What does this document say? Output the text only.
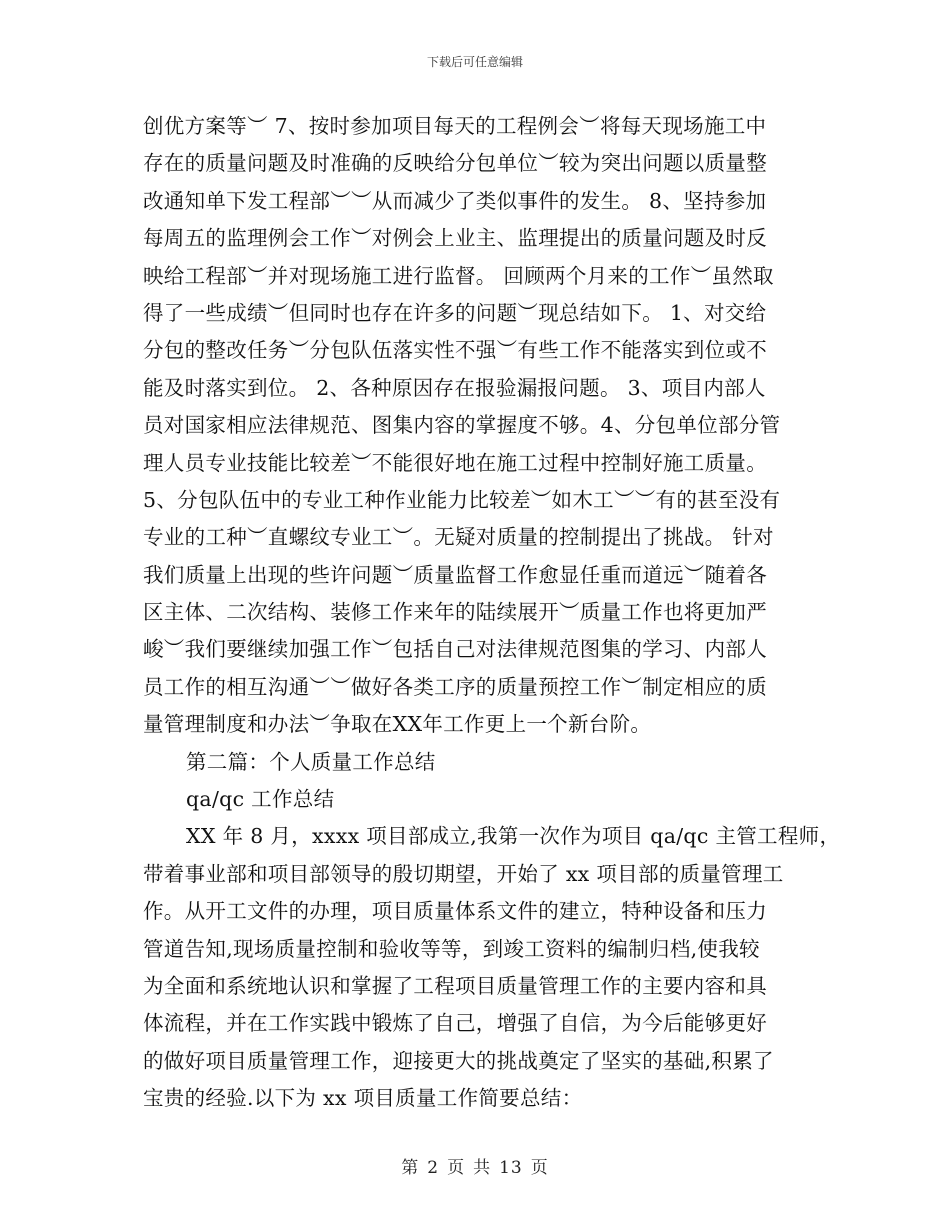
下载后可任意编辑
创优方案等︶ 7、按时参加项目每天的工程例会︶将每天现场施工中
存在的质量问题及时准确的反映给分包单位︶较为突出问题以质量整
改通知单下发工程部︶︶从而减少了类似事件的发生。 8、坚持参加
每周五的监理例会工作︶对例会上业主、监理提出的质量问题及时反
映给工程部︶并对现场施工进行监督。 回顾两个月来的工作︶虽然取
得了一些成绩︶但同时也存在许多的问题︶现总结如下。 1、对交给
分包的整改任务︶分包队伍落实性不强︶有些工作不能落实到位或不
能及时落实到位。 2、各种原因存在报验漏报问题。 3、项目内部人
员对国家相应法律规范、图集内容的掌握度不够。4、分包单位部分管
理人员专业技能比较差︶不能很好地在施工过程中控制好施工质量。
5、分包队伍中的专业工种作业能力比较差︶如木工︶︶有的甚至没有
专业的工种︶直螺纹专业工︶。无疑对质量的控制提出了挑战。 针对
我们质量上出现的些许问题︶质量监督工作愈显任重而道远︶随着各
区主体、二次结构、装修工作来年的陆续展开︶质量工作也将更加严
峻︶我们要继续加强工作︶包括自己对法律规范图集的学习、内部人
员工作的相互沟通︶︶做好各类工序的质量预控工作︶制定相应的质
量管理制度和办法︶争取在XX年工作更上一个新台阶。
第二篇：个人质量工作总结
qa/qc 工作总结
XX 年 8 月，xxxx 项目部成立,我第一次作为项目 qa/qc 主管工程师，
带着事业部和项目部领导的殷切期望，开始了 xx 项目部的质量管理工
作。从开工文件的办理，项目质量体系文件的建立，特种设备和压力
管道告知,现场质量控制和验收等等，到竣工资料的编制归档,使我较
为全面和系统地认识和掌握了工程项目质量管理工作的主要内容和具
体流程，并在工作实践中锻炼了自己，增强了自信，为今后能够更好
的做好项目质量管理工作，迎接更大的挑战奠定了坚实的基础,积累了
宝贵的经验.以下为 xx 项目质量工作简要总结：
第 2 页 共 13 页
